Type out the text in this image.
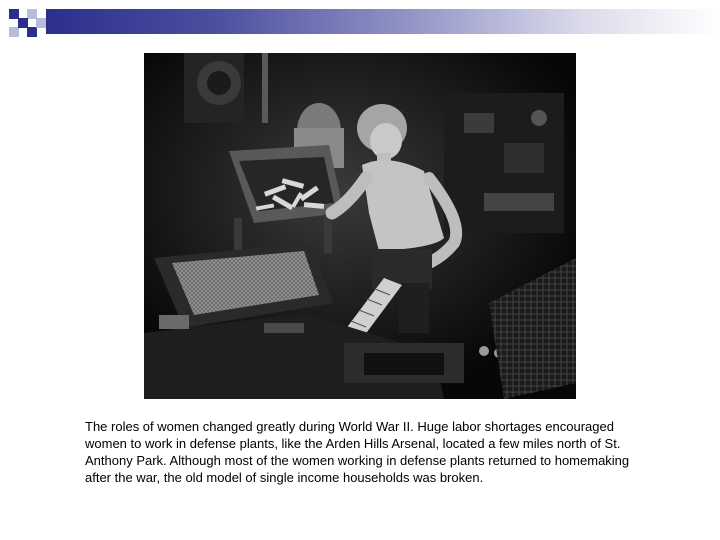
The roles of women changed greatly during World War II. Huge labor shortages encouraged women to work in defense plants, like the Arden Hills Arsenal, located a few miles north of St. Anthony Park. Although most of the women working in defense plants returned to homemaking after the war, the old model of single income households was broken.
